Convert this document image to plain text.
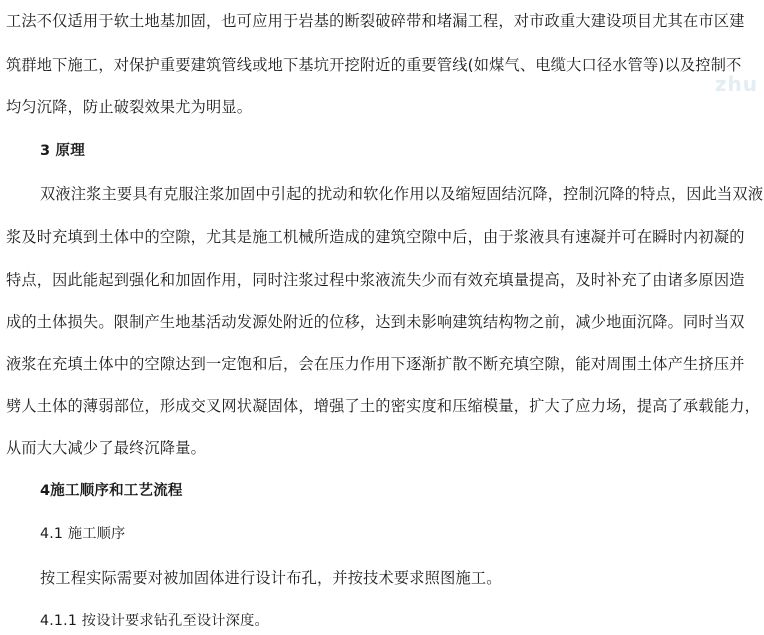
zhu
工法不仅适用于软土地基加固，也可应用于岩基的断裂破碎带和堵漏工程，对市政重大建设项目尤其在市区建
筑群地下施工，对保护重要建筑管线或地下基坑开挖附近的重要管线(如煤气、电缆大口径水管等)以及控制不
均匀沉降，防止破裂效果尤为明显。
3 原理
双液注浆主要具有克服注浆加固中引起的扰动和软化作用以及缩短固结沉降，控制沉降的特点，因此当双液
浆及时充填到土体中的空隙，尤其是施工机械所造成的建筑空隙中后，由于浆液具有速凝并可在瞬时内初凝的
特点，因此能起到强化和加固作用，同时注浆过程中浆液流失少而有效充填量提高，及时补充了由诸多原因造
成的土体损失。限制产生地基活动发源处附近的位移，达到未影响建筑结构物之前，减少地面沉降。同时当双
液浆在充填土体中的空隙达到一定饱和后，会在压力作用下逐渐扩散不断充填空隙，能对周围土体产生挤压并
劈人土体的薄弱部位，形成交叉网状凝固体，增强了土的密实度和压缩模量，扩大了应力场，提高了承载能力，
从而大大减少了最终沉降量。
4施工顺序和工艺流程
4.1 施工顺序
按工程实际需要对被加固体进行设计布孔，并按技术要求照图施工。
4.1.1 按设计要求钻孔至设计深度。
